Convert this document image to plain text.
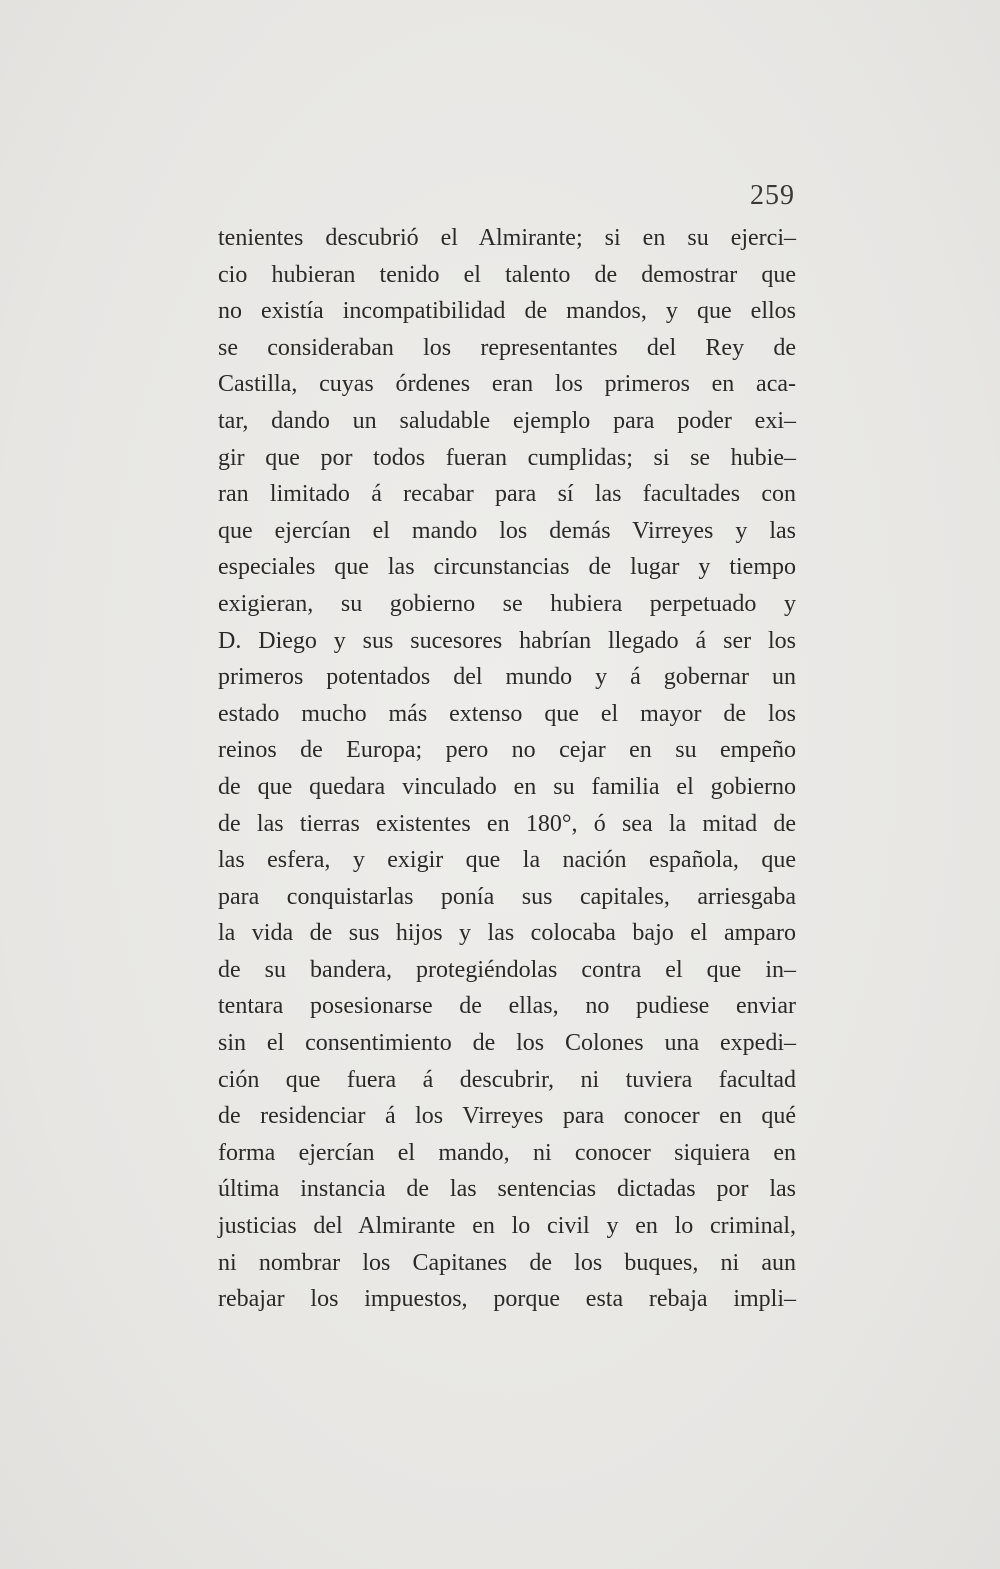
259
tenientes descubrió el Almirante; si en su ejerci–
cio hubieran tenido el talento de demostrar que
no existía incompatibilidad de mandos, y que ellos
se consideraban los representantes del Rey de
Castilla, cuyas órdenes eran los primeros en aca-
tar, dando un saludable ejemplo para poder exi–
gir que por todos fueran cumplidas; si se hubie–
ran limitado á recabar para sí las facultades con
que ejercían el mando los demás Virreyes y las
especiales que las circunstancias de lugar y tiempo
exigieran, su gobierno se hubiera perpetuado y
D. Diego y sus sucesores habrían llegado á ser los
primeros potentados del mundo y á gobernar un
estado mucho más extenso que el mayor de los
reinos de Europa; pero no cejar en su empeño
de que quedara vinculado en su familia el gobierno
de las tierras existentes en 180°, ó sea la mitad de
las esfera, y exigir que la nación española, que
para conquistarlas ponía sus capitales, arriesgaba
la vida de sus hijos y las colocaba bajo el amparo
de su bandera, protegiéndolas contra el que in–
tentara posesionarse de ellas, no pudiese enviar
sin el consentimiento de los Colones una expedi–
ción que fuera á descubrir, ni tuviera facultad
de residenciar á los Virreyes para conocer en qué
forma ejercían el mando, ni conocer siquiera en
última instancia de las sentencias dictadas por las
justicias del Almirante en lo civil y en lo criminal,
ni nombrar los Capitanes de los buques, ni aun
rebajar los impuestos, porque esta rebaja impli–
